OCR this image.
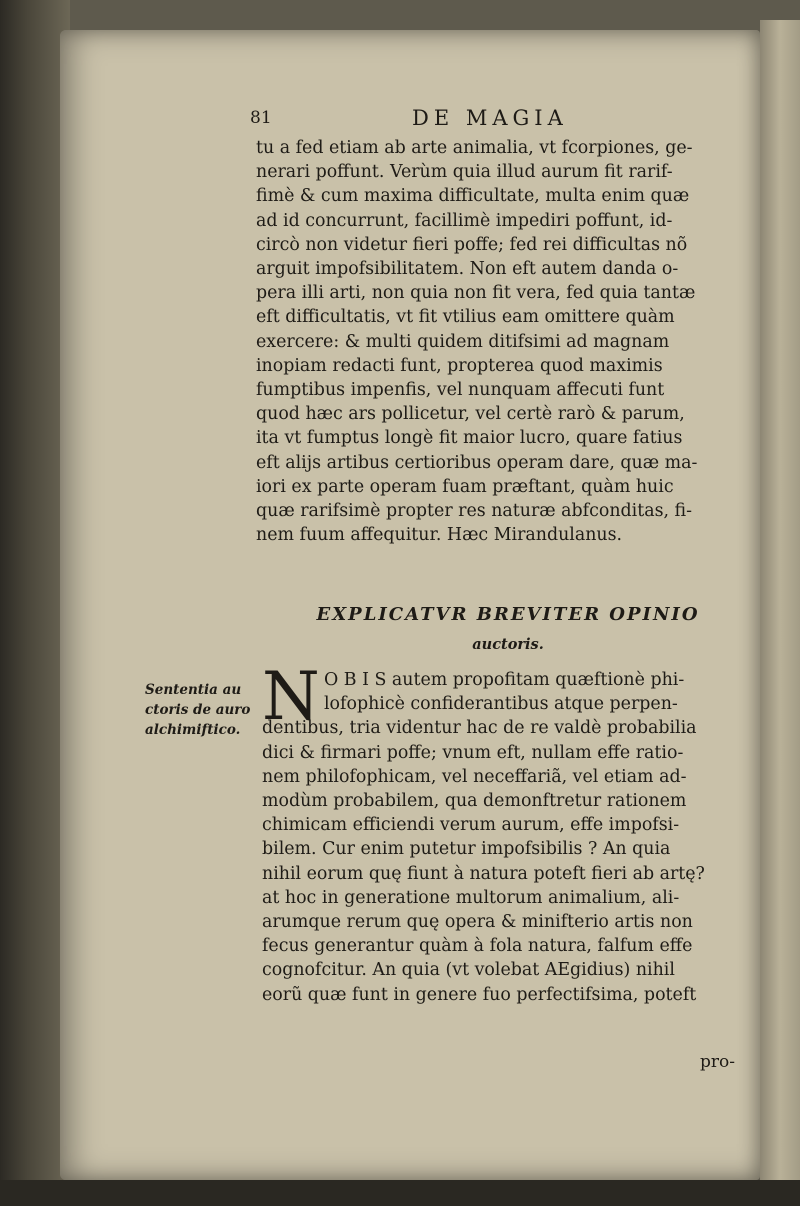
81	DE MAGIA
tu a fed etiam ab arte animalia, vt fcorpiones, ge-
nerari poffunt. Verùm quia illud aurum fit rarif-
fimè & cum maxima difficultate, multa enim quæ
ad id concurrunt, facillimè impediri poffunt, id-
circò non videtur fieri poffe; fed rei difficultas nõ
arguit impofsibilitatem. Non eft autem danda o-
pera illi arti, non quia non fit vera, fed quia tantæ
eft difficultatis, vt fit vtilius eam omittere quàm
exercere: & multi quidem ditifsimi ad magnam
inopiam redacti funt, propterea quod maximis
fumptibus impenfis, vel nunquam affecuti funt
quod hæc ars pollicetur, vel certè rarò & parum,
ita vt fumptus longè fit maior lucro, quare fatius
eft alijs artibus certioribus operam dare, quæ ma-
iori ex parte operam fuam præftant, quàm huic
quæ rarifsimè propter res naturæ abfconditas, fi-
nem fuum affequitur. Hæc Mirandulanus.
EXPLICATVR BREVITER OPINIO
auctoris.
Sententia au
ctoris de auro
alchimiftico. N O B I S autem propofitam quæftionè phi-
lofophicè confiderantibus atque perpen-
dentibus, tria videntur hac de re valdè probabilia
dici & firmari poffe; vnum eft, nullam effe ratio-
nem philofophicam, vel neceffariã, vel etiam ad-
modùm probabilem, qua demonftretur rationem
chimicam efficiendi verum aurum, effe impofsi-
bilem. Cur enim putetur impofsibilis ? An quia
nihil eorum quę fiunt à natura poteft fieri ab artę?
at hoc in generatione multorum animalium, ali-
arumque rerum quę opera & minifterio artis non
fecus generantur quàm à fola natura, falfum effe
cognofcitur. An quia (vt volebat AEgidius) nihil
eorũ quæ funt in genere fuo perfectifsima, poteft
pro-
